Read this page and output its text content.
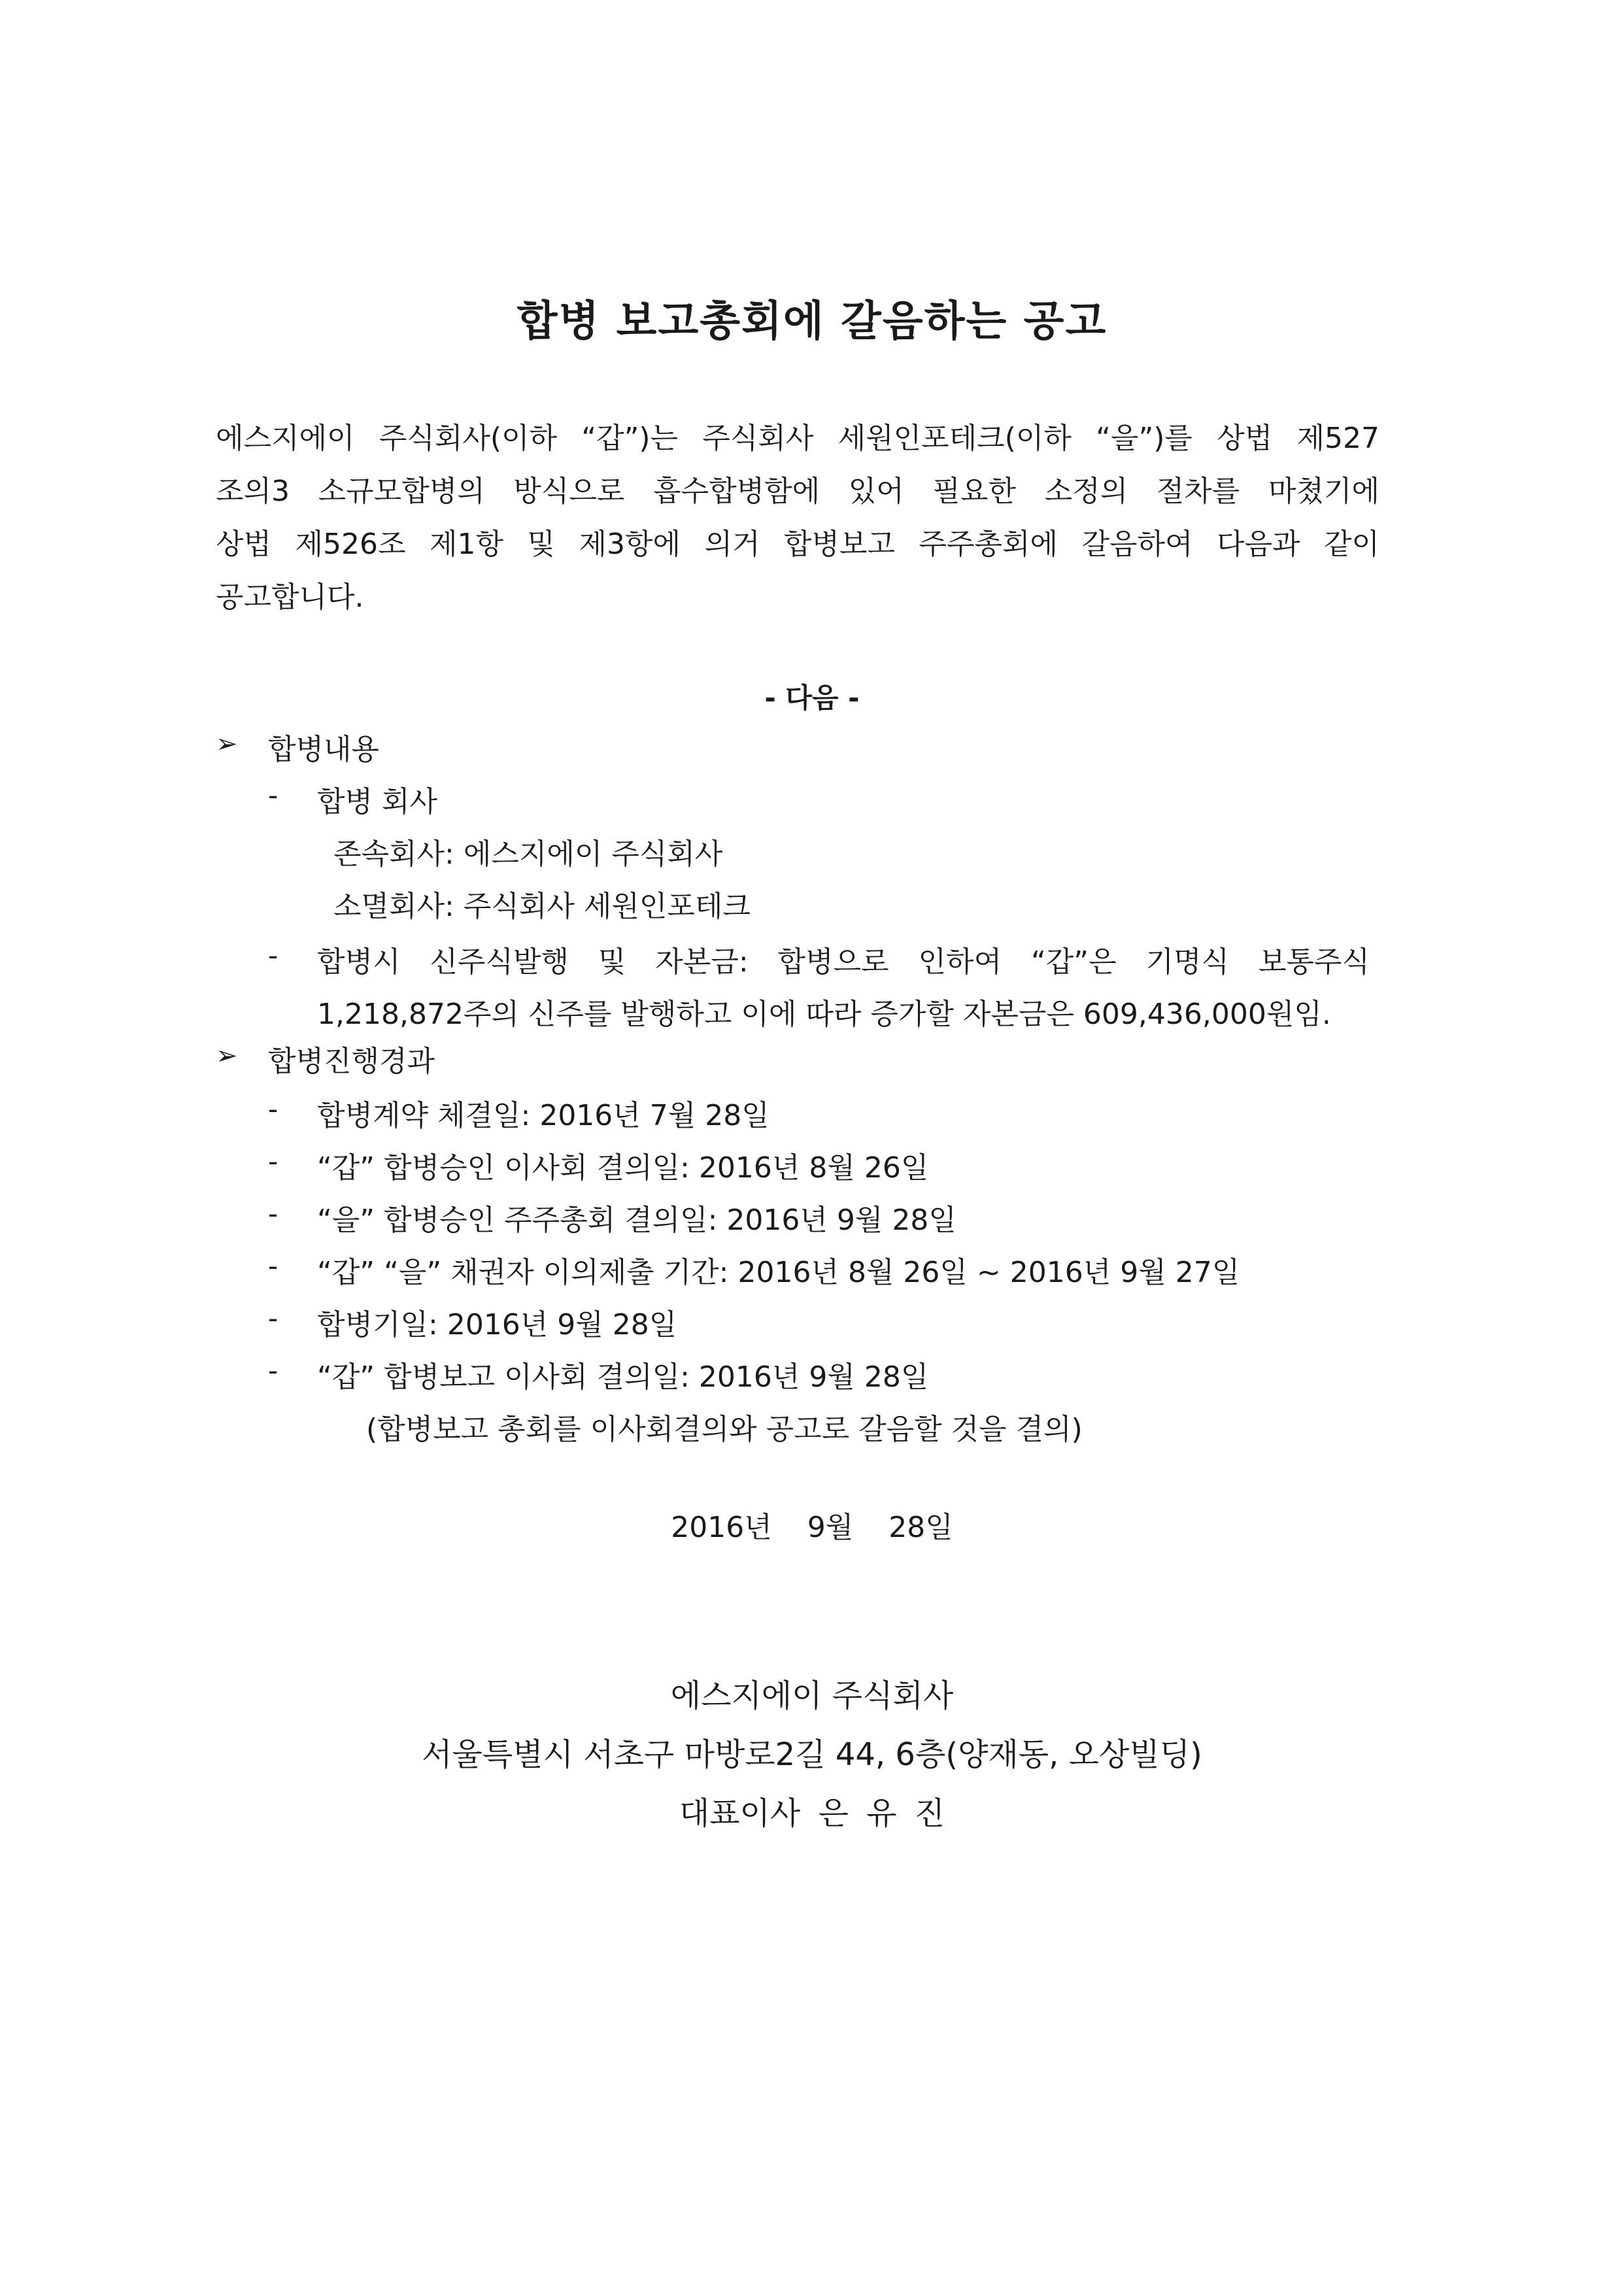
합병 보고총회에 갈음하는 공고

에스지에이 주식회사(이하 “갑”)는 주식회사 세원인포테크(이하 “을”)를 상법 제527
조의3 소규모합병의 방식으로 흡수합병함에 있어 필요한 소정의 절차를 마쳤기에
상법 제526조 제1항 및 제3항에 의거 합병보고 주주총회에 갈음하여 다음과 같이
공고합니다.

- 다음 -

➢ 합병내용

- 합병 회사

존속회사: 에스지에이 주식회사

소멸회사: 주식회사 세원인포테크

- 합병시 신주식발행 및 자본금: 합병으로 인하여 “갑”은 기명식 보통주식

1,218,872주의 신주를 발행하고 이에 따라 증가할 자본금은 609,436,000원임.

➢ 합병진행경과

- 합병계약 체결일: 2016년 7월 28일

- “갑” 합병승인 이사회 결의일: 2016년 8월 26일

- “을” 합병승인 주주총회 결의일: 2016년 9월 28일

- “갑” “을” 채권자 이의제출 기간: 2016년 8월 26일 ~ 2016년 9월 27일

- 합병기일: 2016년 9월 28일

- “갑” 합병보고 이사회 결의일: 2016년 9월 28일

(합병보고 총회를 이사회결의와 공고로 갈음할 것을 결의)

2016년 9월 28일

에스지에이 주식회사

서울특별시 서초구 마방로2길 44, 6층(양재동, 오상빌딩)

대표이사 은 유 진
